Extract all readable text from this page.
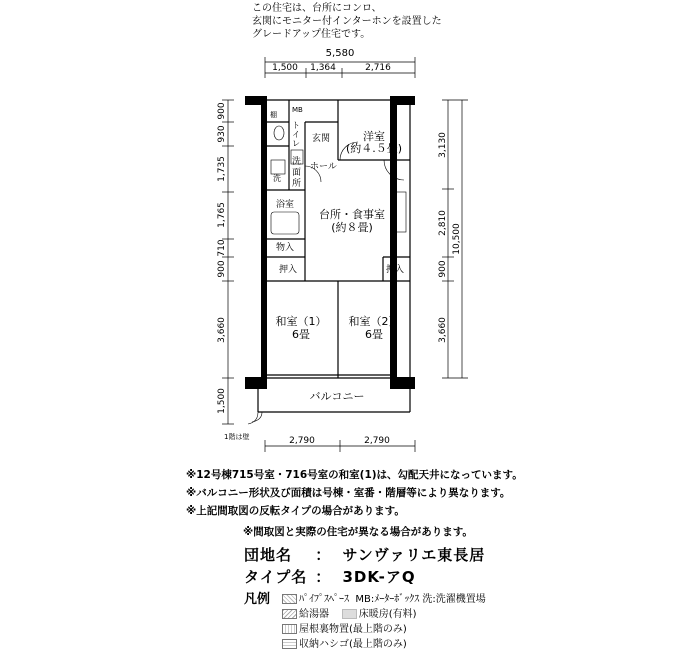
この住宅は、台所にコンロ、
玄関にモニター付インターホンを設置した
グレードアップ住宅です。
5,580
1,500 1,364	2,716
900
930
1,735
1,765
710
900
3,660
1,500
3,130
2,810
900
3,660
10,500
2,790	2,790
洋室
(約４.５畳)
台所・食事室
(約８畳)
和室（1）
6畳
和室（2）
6畳
バルコニー
玄関
ホール
浴室
物入
押入	押入
MB
棚
洗
洗
面
所
ト
イ
レ
1階は壁
※12号棟715号室・716号室の和室(1)は、勾配天井になっています。
※バルコニー形状及び面積は号棟・室番・階層等により異なります。
※上記間取図の反転タイプの場合があります。
※間取図と実際の住宅が異なる場合があります。
団地名 ： サンヴァリエ東長居
タイプ名 ： 3DK-アQ
凡例	ﾊﾟｲﾌﾟｽﾍﾟｰｽ MB:ﾒｰﾀｰﾎﾞｯｸｽ 洗:洗濯機置場
給湯器	床暖房(有料)
屋根裏物置(最上階のみ)
収納ハシゴ(最上階のみ)
